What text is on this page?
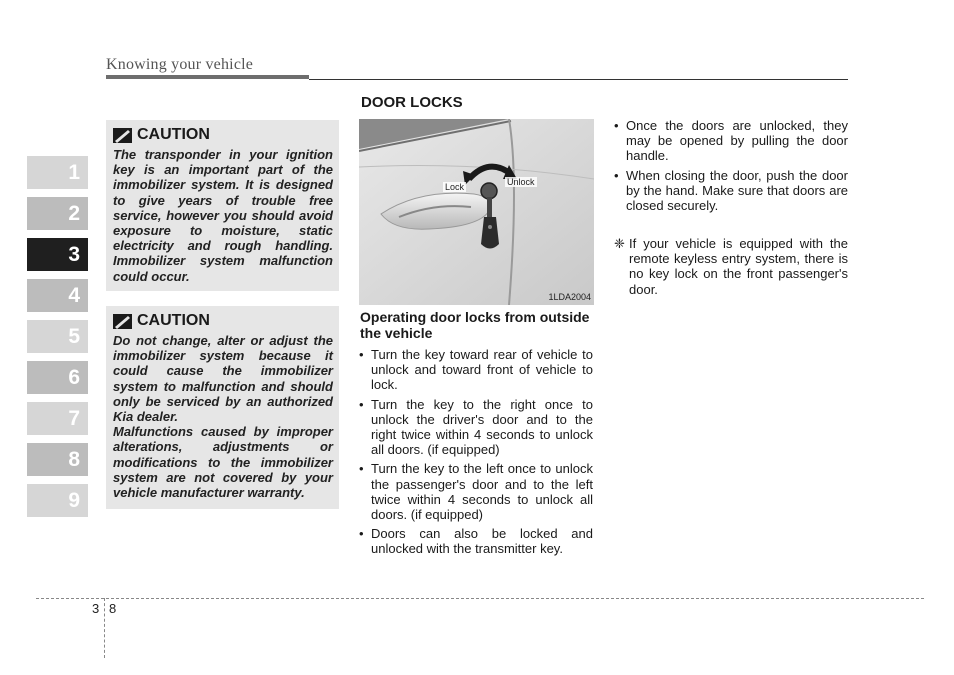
Knowing your vehicle
1
2
3
4
5
6
7
8
9
CAUTION

The transponder in your ignition key is an important part of the immobilizer system. It is designed to give years of trouble free service, however you should avoid exposure to moisture, static electricity and rough handling. Immobilizer system malfunction could occur.

CAUTION

Do not change, alter or adjust the immobilizer system because it could cause the immobilizer system to malfunction and should only be serviced by an authorized Kia dealer.

Malfunctions caused by improper alterations, adjustments or modifications to the immobilizer system are not covered by your vehicle manufacturer warranty.

DOOR LOCKS
Lock	Unlock
1LDA2004
Operating door locks from outside the vehicle
• Turn the key toward rear of vehicle to unlock and toward front of vehicle to lock.
• Turn the key to the right once to unlock the driver's door and to the right twice within 4 seconds to unlock all doors. (if equipped)
• Turn the key to the left once to unlock the passenger's door and to the left twice within 4 seconds to unlock all doors. (if equipped)
• Doors can also be locked and unlocked with the transmitter key.
• Once the doors are unlocked, they may be opened by pulling the door handle.
• When closing the door, push the door by the hand. Make sure that doors are closed securely.
❈ If your vehicle is equipped with the remote keyless entry system, there is no key lock on the front passenger's door.
3 8
